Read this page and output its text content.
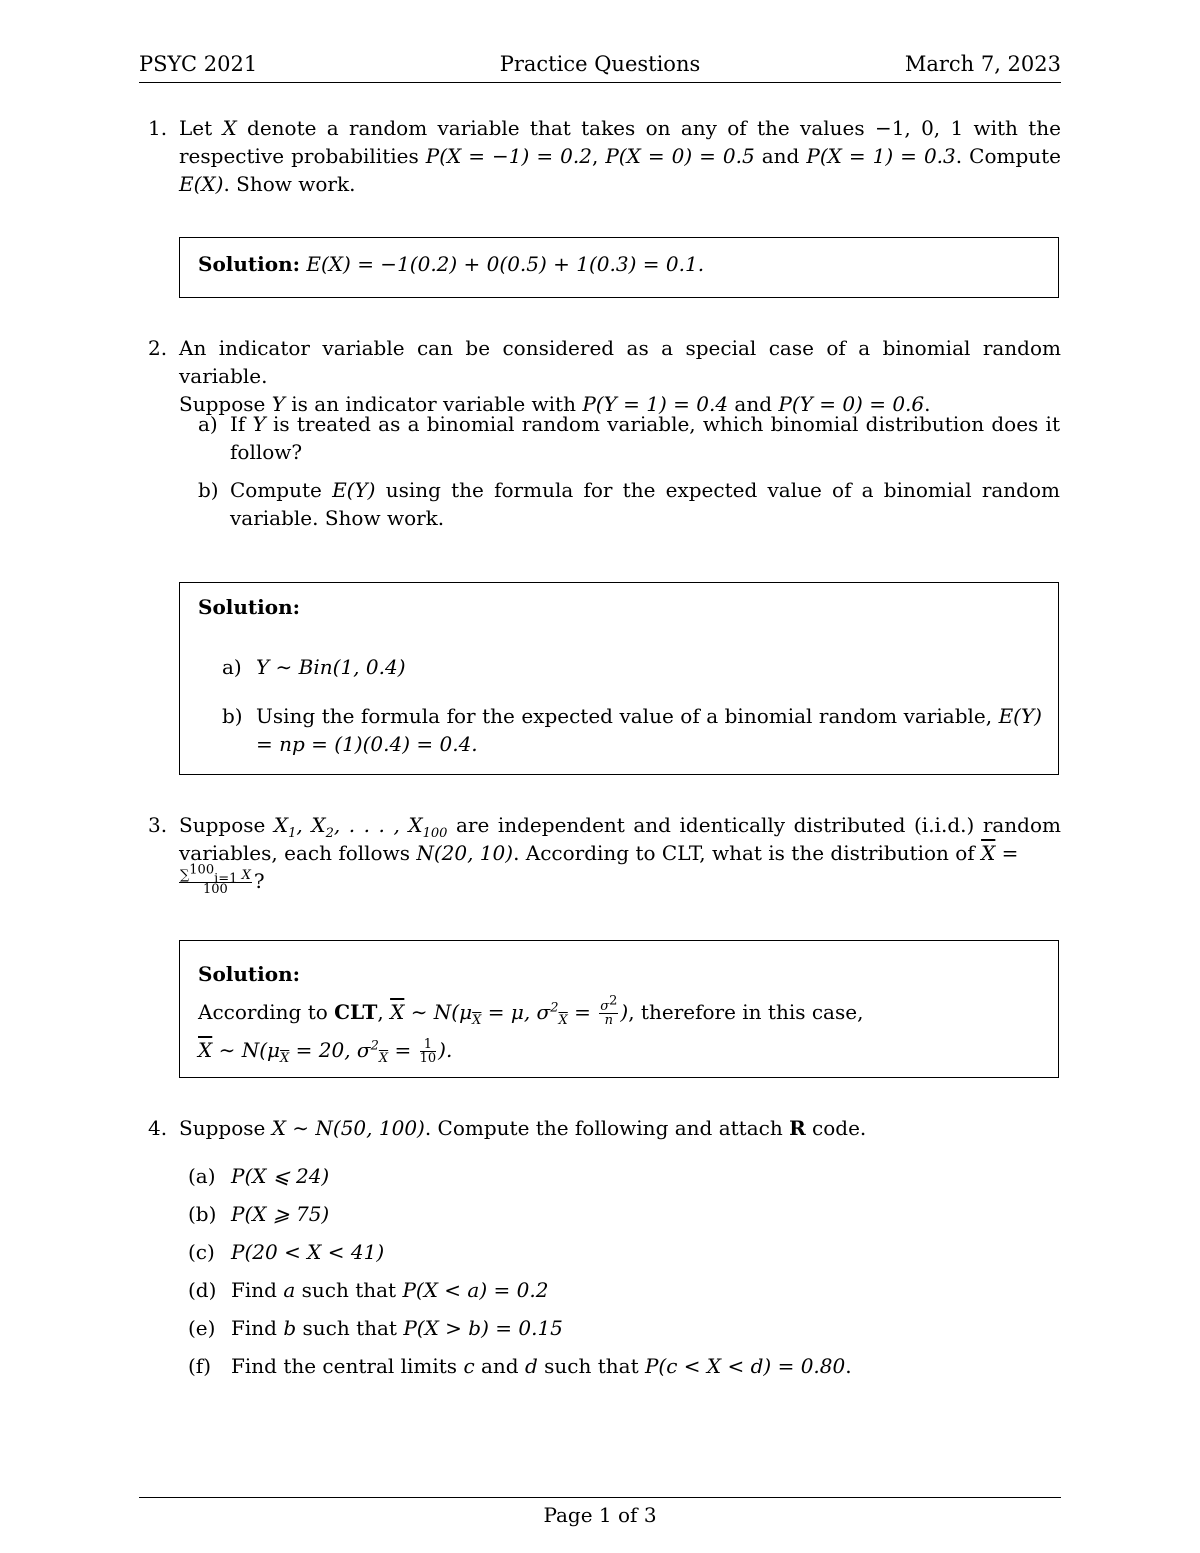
PSYC 2021	Practice Questions	March 7, 2023
1. Let X denote a random variable that takes on any of the values −1, 0, 1 with the respective probabilities P(X = −1) = 0.2, P(X = 0) = 0.5 and P(X = 1) = 0.3. Compute E(X). Show work.
Solution: E(X) = −1(0.2) + 0(0.5) + 1(0.3) = 0.1.
2. An indicator variable can be considered as a special case of a binomial random variable.
Suppose Y is an indicator variable with P(Y = 1) = 0.4 and P(Y = 0) = 0.6.
a) If Y is treated as a binomial random variable, which binomial distribution does it follow?
b) Compute E(Y) using the formula for the expected value of a binomial random variable. Show work.
Solution:
a) Y ∼ Bin(1, 0.4)
b) Using the formula for the expected value of a binomial random variable, E(Y) = np = (1)(0.4) = 0.4.
3. Suppose $X_1$, $X_2$, . . . , $X_{100}$ are independent and identically distributed (i.i.d.) random variables, each follows N(20, 10). According to CLT, what is the distribution of $\overline{X}$ =

$\frac{\sum^{100}_{i=1} X}{100}$ ?
Solution:
According to CLT, $\overline{X}$ ∼ $N(\mu_{\overline{X}} = \mu$, $\sigma^2_{\overline{X}} = \frac{\sigma^2}{n}$ ), therefore in this case,
$\overline{X}$ ∼ $N(\mu_{\overline{X}} = 20$, $\sigma^2_{\overline{X}} = \frac{1}{10}$ ).
4. Suppose X ∼ N(50, 100). Compute the following and attach R code.
(a) P(X ⩽ 24)
(b) P(X ⩾ 75)
(c) P(20 < X < 41)
(d) Find a such that P(X < a) = 0.2
(e) Find b such that P(X > b) = 0.15
(f) Find the central limits c and d such that P(c < X < d) = 0.80.
Page 1 of 3
